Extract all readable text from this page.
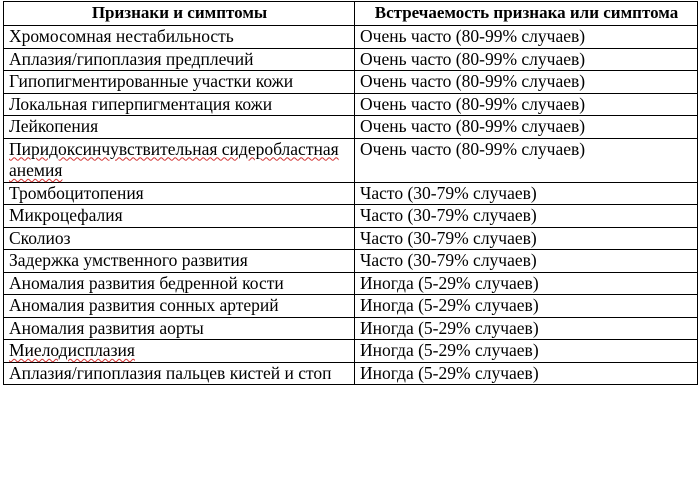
Признаки и симптомы	Встречаемость признака или симптома
Хромосомная нестабильность	Очень часто (80-99% случаев)
Аплазия/гипоплазия предплечий	Очень часто (80-99% случаев)
Гипопигментированные участки кожи	Очень часто (80-99% случаев)
Локальная гиперпигментация кожи	Очень часто (80-99% случаев)
Лейкопения	Очень часто (80-99% случаев)
Пиридоксинчувствительная сидеробластная анемия	Очень часто (80-99% случаев)
Тромбоцитопения	Часто (30-79% случаев)
Микроцефалия	Часто (30-79% случаев)
Сколиоз	Часто (30-79% случаев)
Задержка умственного развития	Часто (30-79% случаев)
Аномалия развития бедренной кости	Иногда (5-29% случаев)
Аномалия развития сонных артерий	Иногда (5-29% случаев)
Аномалия развития аорты	Иногда (5-29% случаев)
Миелодисплазия	Иногда (5-29% случаев)
Аплазия/гипоплазия пальцев кистей и стоп	Иногда (5-29% случаев)
